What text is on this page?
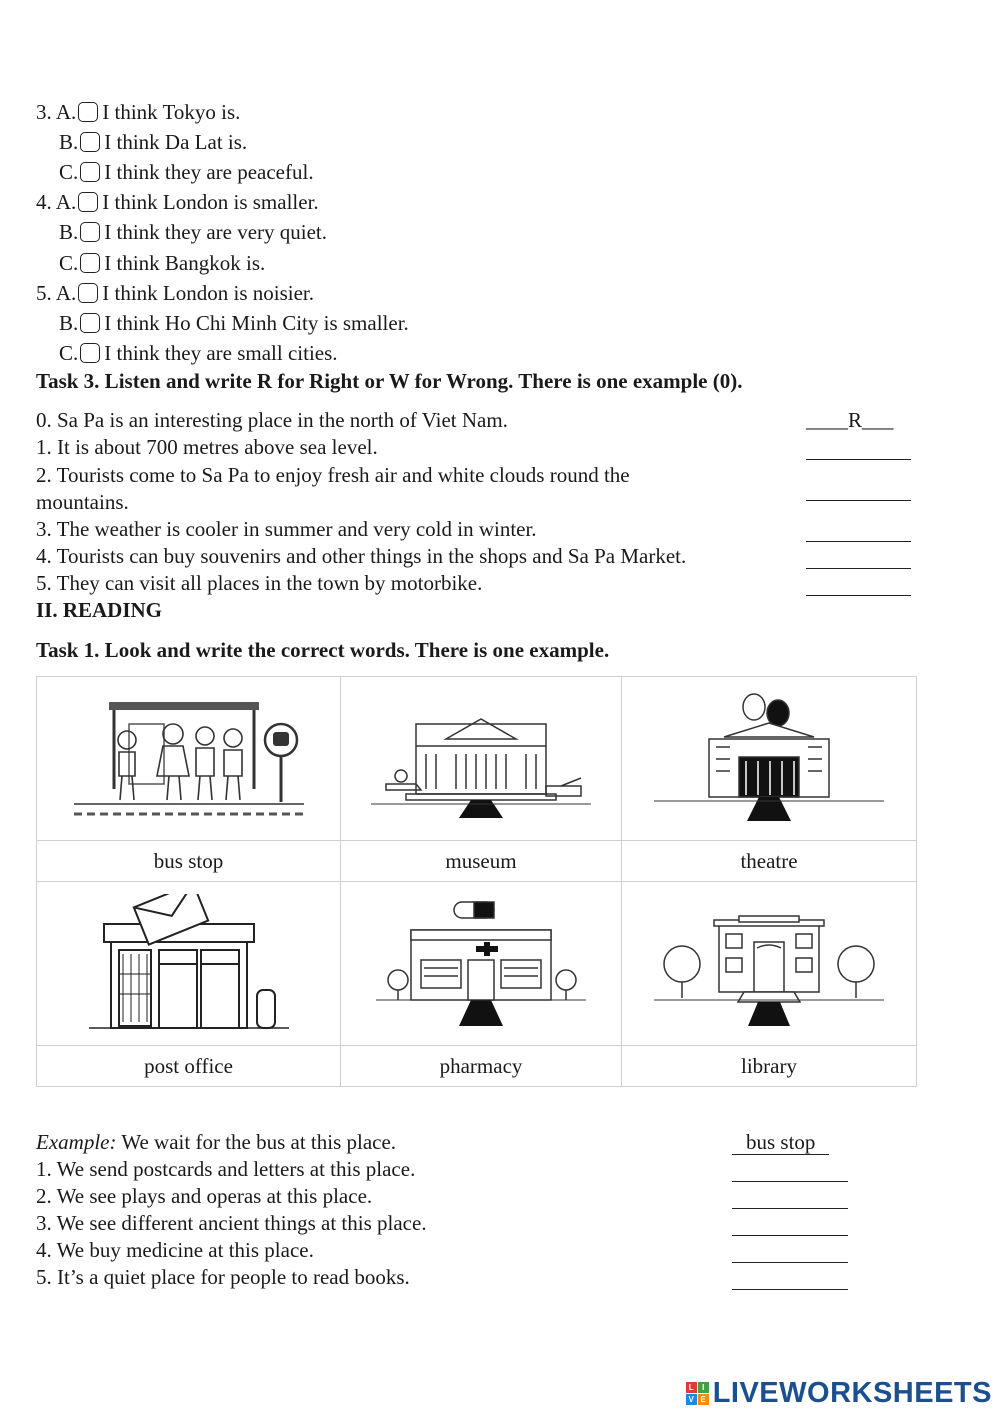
3. A. I think Tokyo is.
B. I think Da Lat is.
C. I think they are peaceful.
4. A. I think London is smaller.
B. I think they are very quiet.
C. I think Bangkok is.
5. A. I think London is noisier.
B. I think Ho Chi Minh City is smaller.
C. I think they are small cities.
Task 3. Listen and write R for Right or W for Wrong. There is one example (0).
0. Sa Pa is an interesting place in the north of Viet Nam.	____R___
1. It is about 700 metres above sea level.
2. Tourists come to Sa Pa to enjoy fresh air and white clouds round the
mountains.
3. The weather is cooler in summer and very cold in winter.
4. Tourists can buy souvenirs and other things in the shops and Sa Pa Market.
5. They can visit all places in the town by motorbike.
II. READING
Task 1. Look and write the correct words. There is one example.

bus stop	museum	theatre

post office	pharmacy	library
Example: We wait for the bus at this place.	bus stop
1. We send postcards and letters at this place.
2. We see plays and operas at this place.
3. We see different ancient things at this place.
4. We buy medicine at this place.
5. It’s a quiet place for people to read books.
L	I
V E LIVEWORKSHEETS
